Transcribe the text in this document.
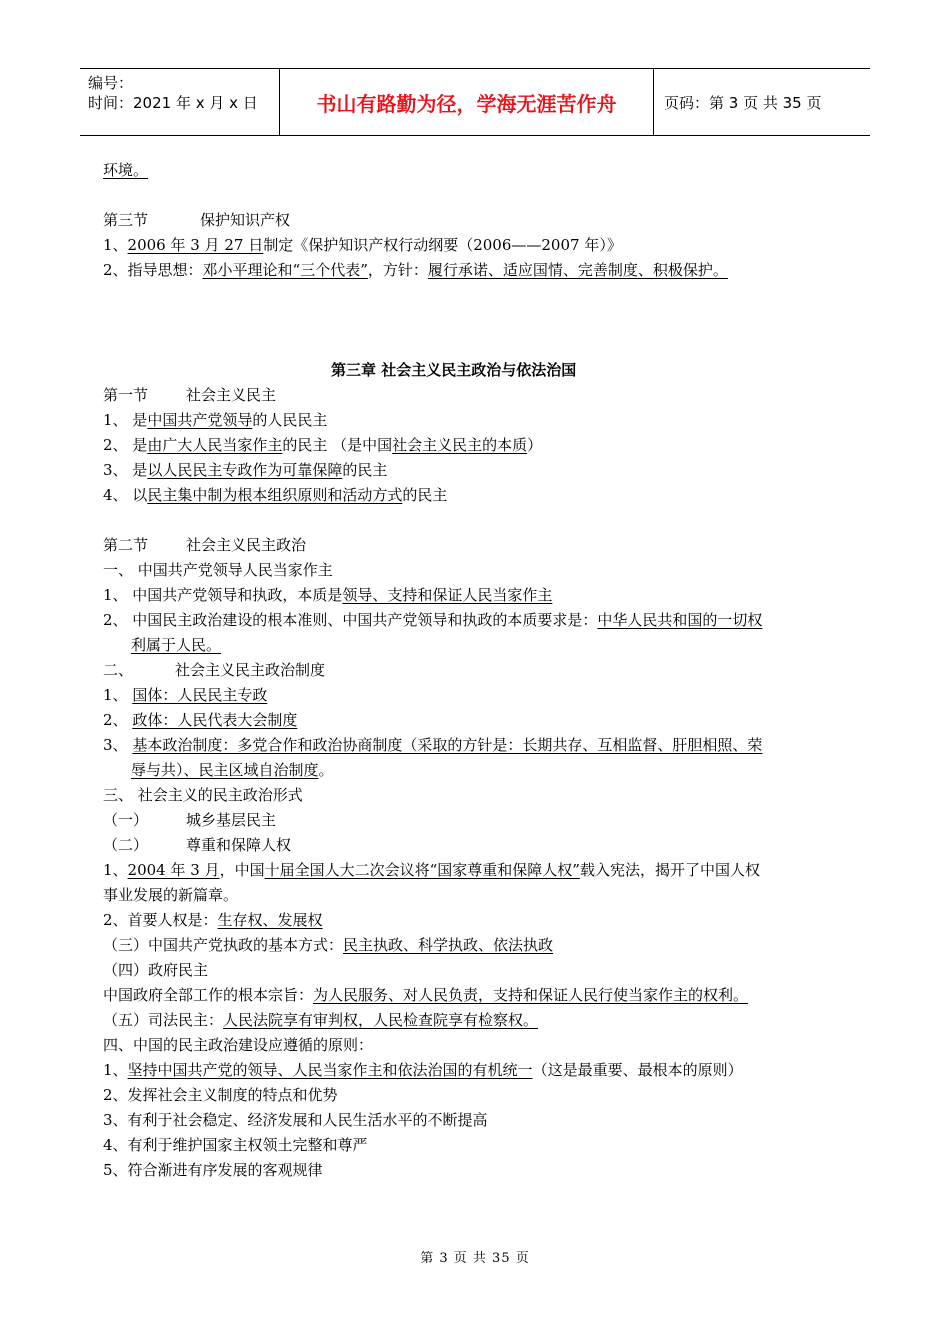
编号：
时间：2021 年 x 月 x 日	书山有路勤为径，学海无涯苦作舟	页码：第 3 页 共 35 页
环境。
第三节	保护知识产权
1、2006 年 3 月 27 日制定《保护知识产权行动纲要（2006——2007 年）》
2、指导思想：邓小平理论和“三个代表”，方针：履行承诺、适应国情、完善制度、积极保护。
第三章 社会主义民主政治与依法治国
第一节	社会主义民主
1、 是中国共产党领导的人民民主
2、 是由广大人民当家作主的民主 （是中国社会主义民主的本质）
3、 是以人民民主专政作为可靠保障的民主
4、 以民主集中制为根本组织原则和活动方式的民主
第二节	社会主义民主政治
一、 中国共产党领导人民当家作主
1、 中国共产党领导和执政，本质是领导、支持和保证人民当家作主
2、 中国民主政治建设的根本准则、中国共产党领导和执政的本质要求是：中华人民共和国的一切权
利属于人民。
二、	社会主义民主政治制度
1、 国体：人民民主专政
2、 政体：人民代表大会制度
3、 基本政治制度：多党合作和政治协商制度（采取的方针是：长期共存、互相监督、肝胆相照、荣
辱与共）、民主区域自治制度。
三、 社会主义的民主政治形式
（一）	城乡基层民主
（二）	尊重和保障人权
1、2004 年 3 月，中国十届全国人大二次会议将“国家尊重和保障人权”载入宪法，揭开了中国人权
事业发展的新篇章。
2、首要人权是：生存权、发展权
（三）中国共产党执政的基本方式：民主执政、科学执政、依法执政
（四）政府民主
中国政府全部工作的根本宗旨：为人民服务、对人民负责，支持和保证人民行使当家作主的权利。
（五）司法民主：人民法院享有审判权，人民检查院享有检察权。
四、中国的民主政治建设应遵循的原则：
1、坚持中国共产党的领导、人民当家作主和依法治国的有机统一（这是最重要、最根本的原则）
2、发挥社会主义制度的特点和优势
3、有利于社会稳定、经济发展和人民生活水平的不断提高
4、有利于维护国家主权领土完整和尊严
5、符合渐进有序发展的客观规律
第 3 页 共 35 页
